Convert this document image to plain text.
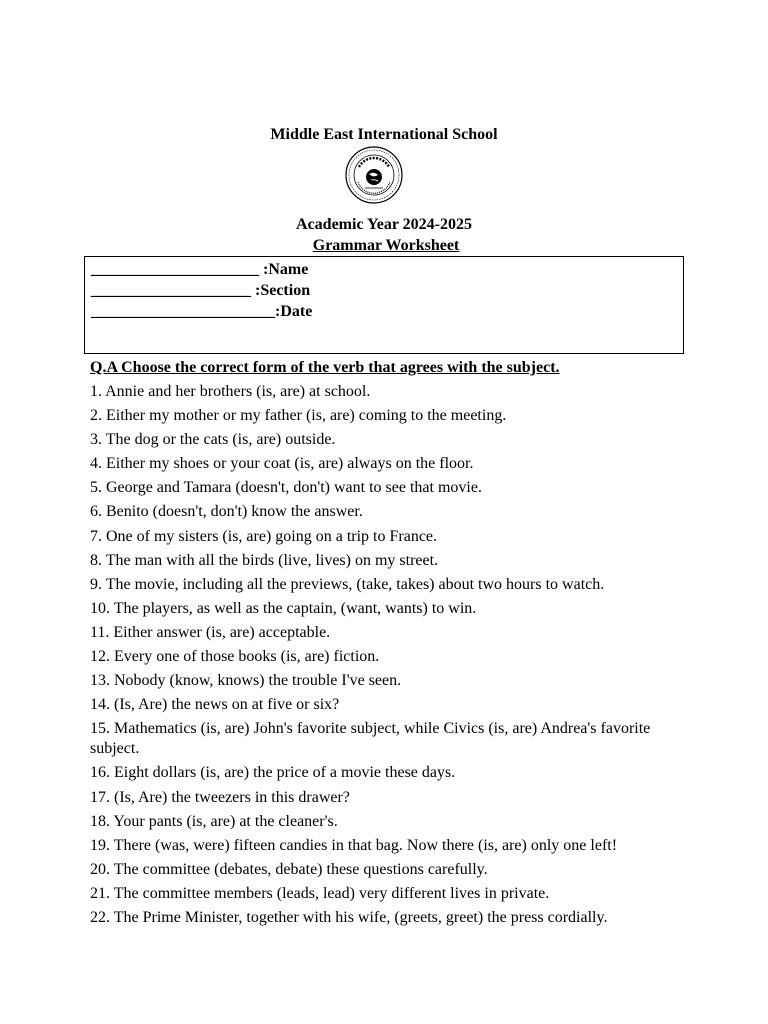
Middle East International School
Academic Year 2024-2025
Grammar Worksheet
_____________________ :Name
____________________ :Section
_______________________:Date
Q.A Choose the correct form of the verb that agrees with the subject.
1. Annie and her brothers (is, are) at school.
2. Either my mother or my father (is, are) coming to the meeting.
3. The dog or the cats (is, are) outside.
4. Either my shoes or your coat (is, are) always on the floor.
5. George and Tamara (doesn't, don't) want to see that movie.
6. Benito (doesn't, don't) know the answer.
7. One of my sisters (is, are) going on a trip to France.
8. The man with all the birds (live, lives) on my street.
9. The movie, including all the previews, (take, takes) about two hours to watch.
10. The players, as well as the captain, (want, wants) to win.
11. Either answer (is, are) acceptable.
12. Every one of those books (is, are) fiction.
13. Nobody (know, knows) the trouble I've seen.
14. (Is, Are) the news on at five or six?
15. Mathematics (is, are) John's favorite subject, while Civics (is, are) Andrea's favorite subject.
16. Eight dollars (is, are) the price of a movie these days.
17. (Is, Are) the tweezers in this drawer?
18. Your pants (is, are) at the cleaner's.
19. There (was, were) fifteen candies in that bag. Now there (is, are) only one left!
20. The committee (debates, debate) these questions carefully.
21. The committee members (leads, lead) very different lives in private.
22. The Prime Minister, together with his wife, (greets, greet) the press cordially.
